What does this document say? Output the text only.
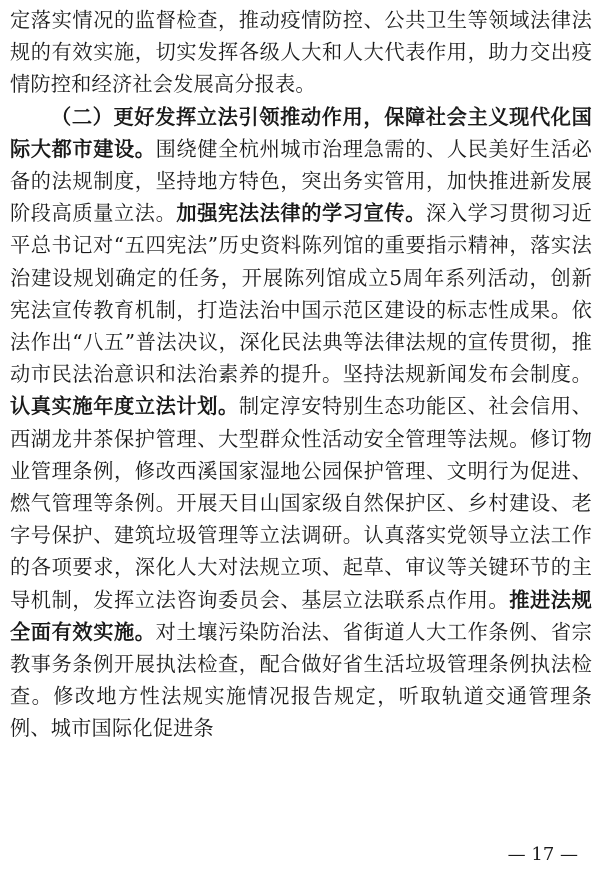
定落实情况的监督检查，推动疫情防控、公共卫生等领域法律法规的有效实施，切实发挥各级人大和人大代表作用，助力交出疫情防控和经济社会发展高分报表。

（二）更好发挥立法引领推动作用，保障社会主义现代化国际大都市建设。围绕健全杭州城市治理急需的、人民美好生活必备的法规制度，坚持地方特色，突出务实管用，加快推进新发展阶段高质量立法。加强宪法法律的学习宣传。深入学习贯彻习近平总书记对“五四宪法”历史资料陈列馆的重要指示精神，落实法治建设规划确定的任务，开展陈列馆成立5周年系列活动，创新宪法宣传教育机制，打造法治中国示范区建设的标志性成果。依法作出“八五”普法决议，深化民法典等法律法规的宣传贯彻，推动市民法治意识和法治素养的提升。坚持法规新闻发布会制度。认真实施年度立法计划。制定淳安特别生态功能区、社会信用、西湖龙井茶保护管理、大型群众性活动安全管理等法规。修订物业管理条例，修改西溪国家湿地公园保护管理、文明行为促进、燃气管理等条例。开展天目山国家级自然保护区、乡村建设、老字号保护、建筑垃圾管理等立法调研。认真落实党领导立法工作的各项要求，深化人大对法规立项、起草、审议等关键环节的主导机制，发挥立法咨询委员会、基层立法联系点作用。推进法规全面有效实施。对土壤污染防治法、省街道人大工作条例、省宗教事务条例开展执法检查，配合做好省生活垃圾管理条例执法检查。修改地方性法规实施情况报告规定，听取轨道交通管理条例、城市国际化促进条

— 17 —
